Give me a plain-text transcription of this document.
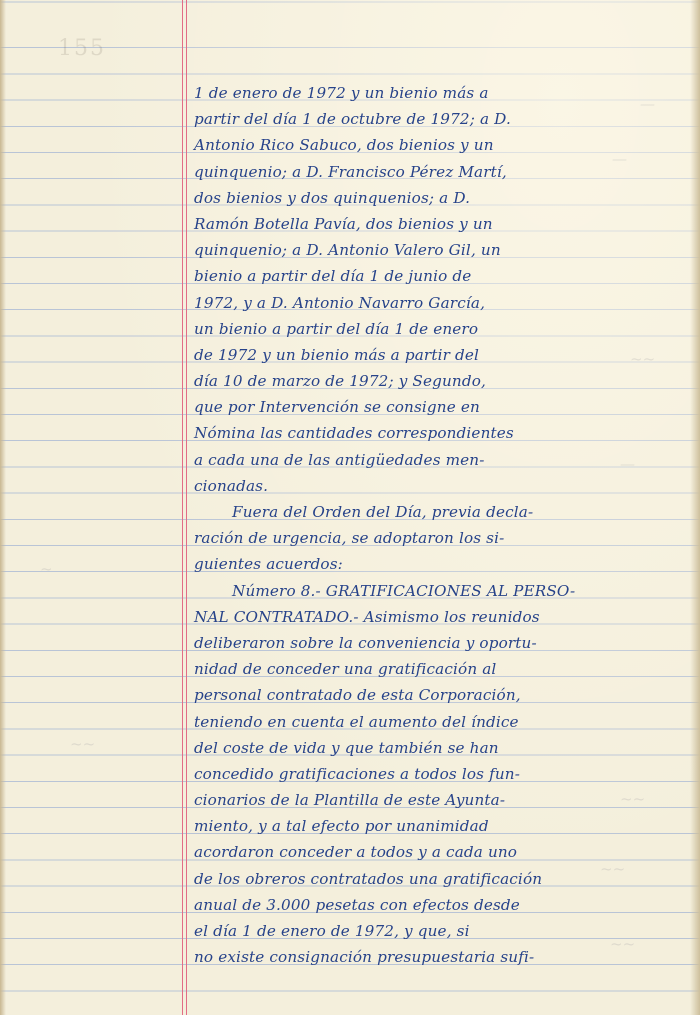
155
—
—
~~
—
~
~~
~~
~~
~~
1 de enero de 1972 y un bienio más a
partir del día 1 de octubre de 1972; a D.
Antonio Rico Sabuco, dos bienios y un
quinquenio; a D. Francisco Pérez Martí,
dos bienios y dos quinquenios; a D.
Ramón Botella Pavía, dos bienios y un
quinquenio; a D. Antonio Valero Gil, un
bienio a partir del día 1 de junio de
1972, y a D. Antonio Navarro García,
un bienio a partir del día 1 de enero
de 1972 y un bienio más a partir del
día 10 de marzo de 1972; y Segundo,
que por Intervención se consigne en
Nómina las cantidades correspondientes
a cada una de las antigüedades men-
cionadas.
Fuera del Orden del Día, previa decla-
ración de urgencia, se adoptaron los si-
guientes acuerdos:
Número 8.- GRATIFICACIONES AL PERSO-
NAL CONTRATADO.- Asimismo los reunidos
deliberaron sobre la conveniencia y oportu-
nidad de conceder una gratificación al
personal contratado de esta Corporación,
teniendo en cuenta el aumento del índice
del coste de vida y que también se han
concedido gratificaciones a todos los fun-
cionarios de la Plantilla de este Ayunta-
miento, y a tal efecto por unanimidad
acordaron conceder a todos y a cada uno
de los obreros contratados una gratificación
anual de 3.000 pesetas con efectos desde
el día 1 de enero de 1972, y que, si
no existe consignación presupuestaria sufi-
